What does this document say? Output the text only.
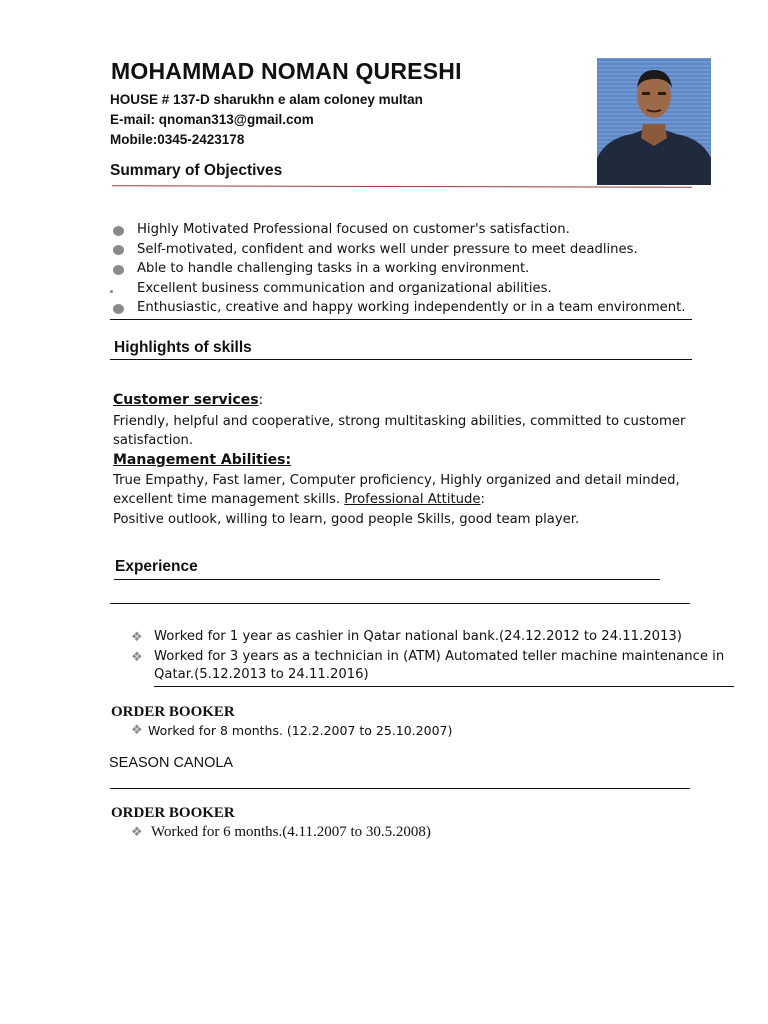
MOHAMMAD NOMAN QURESHI
HOUSE # 137-D sharukhn e alam coloney multan
E-mail: qnoman313@gmail.com
Mobile:0345-2423178
Summary of Objectives
Highly Motivated Professional focused on customer's satisfaction.
Self-motivated, confident and works well under pressure to meet deadlines.
Able to handle challenging tasks in a working environment.
Excellent business communication and organizational abilities.
Enthusiastic, creative and happy working independently or in a team environment.
Highlights of skills
Customer services:
Friendly, helpful and cooperative, strong multitasking abilities, committed to customer
satisfaction.
Management Abilities:
True Empathy, Fast lamer, Computer proficiency, Highly organized and detail minded,
excellent time management skills. Professional Attitude:
Positive outlook, willing to learn, good people Skills, good team player.
Experience
❖ Worked for 1 year as cashier in Qatar national bank.(24.12.2012 to 24.11.2013)
❖ Worked for 3 years as a technician in (ATM) Automated teller machine maintenance in
Qatar.(5.12.2013 to 24.11.2016)
ORDER BOOKER
❖ Worked for 8 months. (12.2.2007 to 25.10.2007)
SEASON CANOLA
ORDER BOOKER
❖ Worked for 6 months.(4.11.2007 to 30.5.2008)
